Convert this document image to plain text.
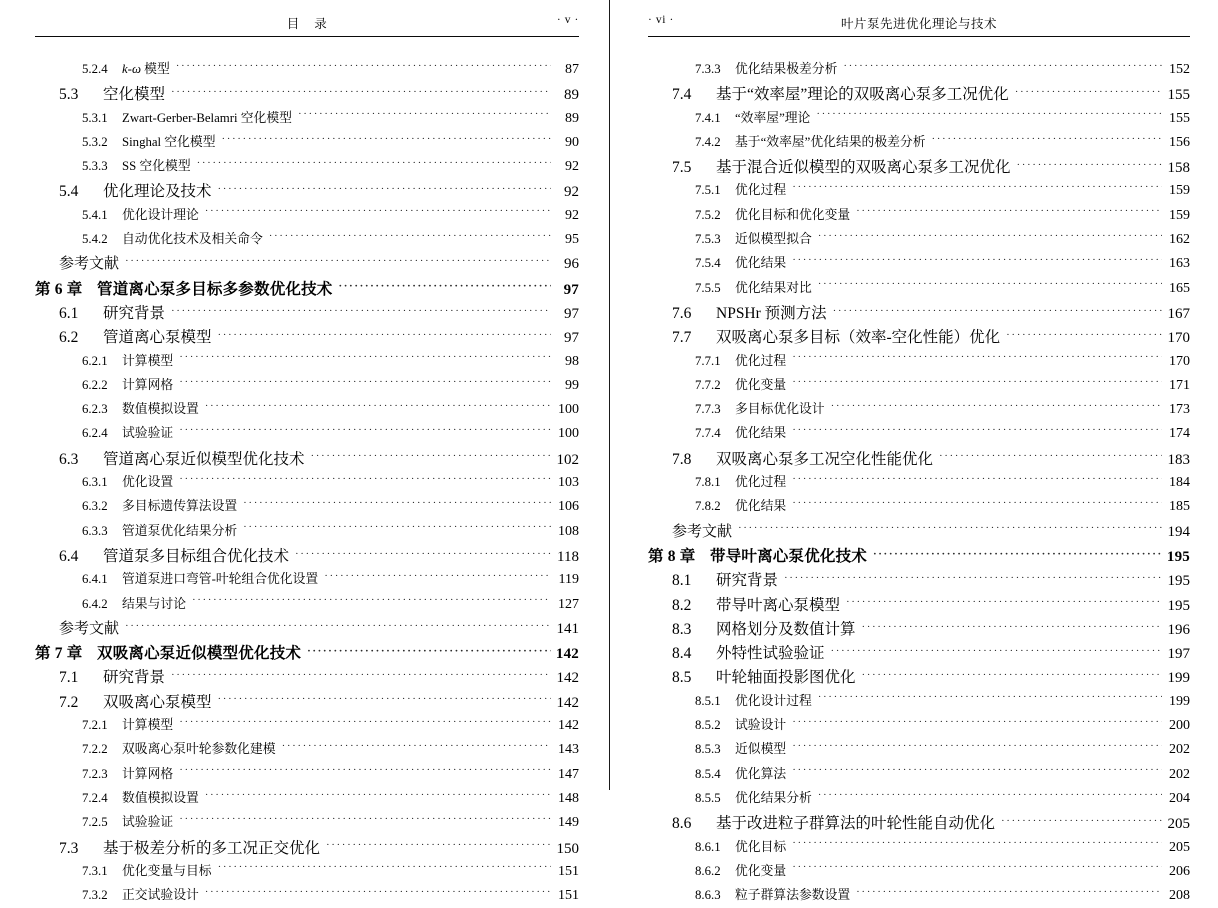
目    录	· v ·
5.2.4	k-ω 模型 ·····	87
5.3	空化模型 ·····	89
5.3.1	Zwart-Gerber-Belamri 空化模型 ·····	89
5.3.2	Singhal 空化模型 ·····	90
5.3.3	SS 空化模型 ·····	92
5.4	优化理论及技术 ·····	92
5.4.1	优化设计理论 ·····	92
5.4.2	自动优化技术及相关命令 ·····	95
参考文献 ·····	96
第 6 章 管道离心泵多目标多参数优化技术 ·····	97
6.1	研究背景 ·····	97
6.2	管道离心泵模型 ·····	97
6.2.1	计算模型 ·····	98
6.2.2	计算网格 ·····	99
6.2.3	数值模拟设置 ·····	100
6.2.4	试验验证 ·····	100
6.3	管道离心泵近似模型优化技术 ·····	102
6.3.1	优化设置 ·····	103
6.3.2	多目标遗传算法设置 ·····	106
6.3.3	管道泵优化结果分析 ·····	108
6.4	管道泵多目标组合优化技术 ·····	118
6.4.1	管道泵进口弯管-叶轮组合优化设置 ·····	119
6.4.2	结果与讨论 ·····	127
参考文献 ·····	141
第 7 章 双吸离心泵近似模型优化技术 ·····	142
7.1	研究背景 ·····	142
7.2	双吸离心泵模型 ·····	142
7.2.1	计算模型 ·····	142
7.2.2	双吸离心泵叶轮参数化建模 ·····	143
7.2.3	计算网格 ·····	147
7.2.4	数值模拟设置 ·····	148
7.2.5	试验验证 ·····	149
7.3	基于极差分析的多工况正交优化 ·····	150
7.3.1	优化变量与目标 ·····	151
7.3.2	正交试验设计 ·····	151
· vi ·	叶片泵先进优化理论与技术
7.3.3	优化结果极差分析 ·····	152
7.4	基于“效率屋”理论的双吸离心泵多工况优化 ·····	155
7.4.1	“效率屋”理论 ·····	155
7.4.2	基于“效率屋”优化结果的极差分析 ·····	156
7.5	基于混合近似模型的双吸离心泵多工况优化 ·····	158
7.5.1	优化过程 ·····	159
7.5.2	优化目标和优化变量 ·····	159
7.5.3	近似模型拟合 ·····	162
7.5.4	优化结果 ·····	163
7.5.5	优化结果对比 ·····	165
7.6	NPSHr 预测方法 ·····	167
7.7	双吸离心泵多目标（效率-空化性能）优化 ·····	170
7.7.1	优化过程 ·····	170
7.7.2	优化变量 ·····	171
7.7.3	多目标优化设计 ·····	173
7.7.4	优化结果 ·····	174
7.8	双吸离心泵多工况空化性能优化 ·····	183
7.8.1	优化过程 ·····	184
7.8.2	优化结果 ·····	185
参考文献 ·····	194
第 8 章 带导叶离心泵优化技术 ·····	195
8.1	研究背景 ·····	195
8.2	带导叶离心泵模型 ·····	195
8.3	网格划分及数值计算 ·····	196
8.4	外特性试验验证 ·····	197
8.5	叶轮轴面投影图优化 ·····	199
8.5.1	优化设计过程 ·····	199
8.5.2	试验设计 ·····	200
8.5.3	近似模型 ·····	202
8.5.4	优化算法 ·····	202
8.5.5	优化结果分析 ·····	204
8.6	基于改进粒子群算法的叶轮性能自动优化 ·····	205
8.6.1	优化目标 ·····	205
8.6.2	优化变量 ·····	206
8.6.3	粒子群算法参数设置 ·····	208
